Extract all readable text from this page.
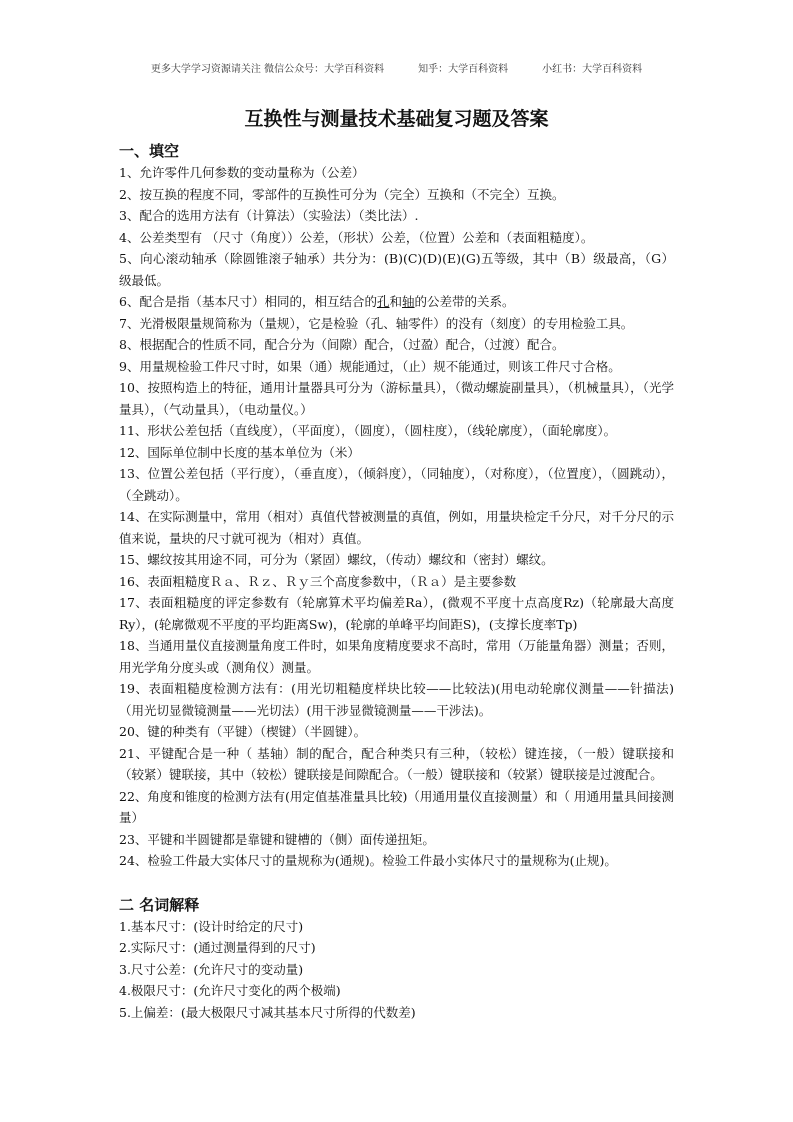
更多大学学习资源请关注 微信公众号：大学百科资料	知乎：大学百科资料	小红书：大学百科资料
互换性与测量技术基础复习题及答案
一、填空

1、允许零件几何参数的变动量称为（公差）

2、按互换的程度不同，零部件的互换性可分为（完全）互换和（不完全）互换。

3、配合的选用方法有（计算法）（实验法）（类比法）.

4、公差类型有 （尺寸（角度））公差，（形状）公差，（位置）公差和（表面粗糙度）。

5、向心滚动轴承（除圆锥滚子轴承）共分为：(B)(C)(D)(E)(G)五等级，其中（B）级最高，（G）级最低。

6、配合是指（基本尺寸）相同的，相互结合的孔和轴的公差带的关系。

7、光滑极限量规简称为（量规），它是检验（孔、轴零件）的没有（刻度）的专用检验工具。

8、根据配合的性质不同，配合分为（间隙）配合，（过盈）配合，（过渡）配合。

9、用量规检验工件尺寸时，如果（通）规能通过，（止）规不能通过，则该工件尺寸合格。

10、按照构造上的特征，通用计量器具可分为（游标量具），（微动螺旋副量具），（机械量具），（光学量具），（气动量具），（电动量仪。）

11、形状公差包括（直线度），（平面度），（圆度），（圆柱度），（线轮廓度），（面轮廓度）。

12、国际单位制中长度的基本单位为（米）

13、位置公差包括（平行度），（垂直度），（倾斜度），（同轴度），（对称度），（位置度），（圆跳动），（全跳动）。

14、在实际测量中，常用（相对）真值代替被测量的真值，例如，用量块检定千分尺，对千分尺的示值来说，量块的尺寸就可视为（相对）真值。

15、螺纹按其用途不同，可分为（紧固）螺纹，（传动）螺纹和（密封）螺纹。

16、表面粗糙度Ｒａ、Ｒｚ、Ｒｙ三个高度参数中，（Ｒａ）是主要参数

17、表面粗糙度的评定参数有（轮廓算术平均偏差Ra），(微观不平度十点高度Rz)（轮廓最大高度Ry），(轮廓微观不平度的平均距离Sw)，(轮廓的单峰平均间距S)，(支撑长度率Tp)

18、当通用量仪直接测量角度工件时，如果角度精度要求不高时，常用（万能量角器）测量；否则，用光学角分度头或（测角仪）测量。

19、表面粗糙度检测方法有：(用光切粗糙度样块比较——比较法)(用电动轮廓仪测量——针描法)（用光切显微镜测量——光切法）(用干涉显微镜测量——干涉法)。

20、键的种类有（平键）（楔键）（半圆键）。

21、平键配合是一种（ 基轴）制的配合，配合种类只有三种，（较松）键连接，（一般）键联接和（较紧）键联接，其中（较松）键联接是间隙配合。（一般）键联接和（较紧）键联接是过渡配合。

22、角度和锥度的检测方法有(用定值基准量具比较)（用通用量仪直接测量）和（ 用通用量具间接测量）

23、平键和半圆键都是靠键和键槽的（侧）面传递扭矩。

24、检验工件最大实体尺寸的量规称为(通规)。检验工件最小实体尺寸的量规称为(止规)。

二 名词解释

1.基本尺寸：(设计时给定的尺寸)

2.实际尺寸：(通过测量得到的尺寸)

3.尺寸公差：(允许尺寸的变动量)

4.极限尺寸：(允许尺寸变化的两个极端)

5.上偏差：(最大极限尺寸减其基本尺寸所得的代数差)
